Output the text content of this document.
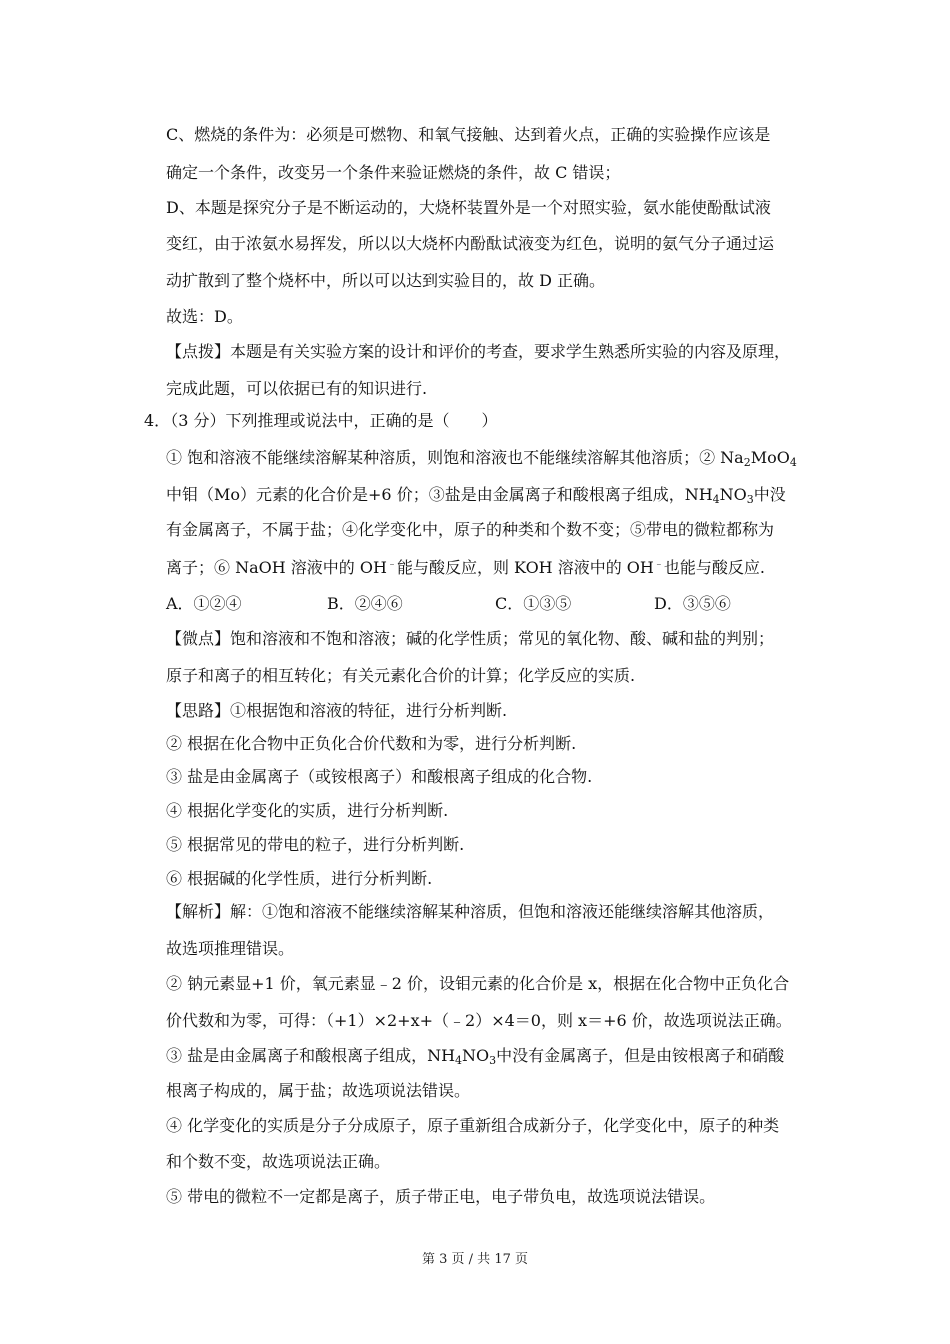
C、燃烧的条件为：必须是可燃物、和氧气接触、达到着火点，正确的实验操作应该是
确定一个条件，改变另一个条件来验证燃烧的条件，故 C 错误；
D、本题是探究分子是不断运动的，大烧杯装置外是一个对照实验，氨水能使酚酞试液
变红，由于浓氨水易挥发，所以以大烧杯内酚酞试液变为红色，说明的氨气分子通过运
动扩散到了整个烧杯中，所以可以达到实验目的，故 D 正确。
故选：D。
【点拨】本题是有关实验方案的设计和评价的考查，要求学生熟悉所实验的内容及原理，
完成此题，可以依据已有的知识进行.
4．（3 分）下列推理或说法中，正确的是（　　）
① 饱和溶液不能继续溶解某种溶质，则饱和溶液也不能继续溶解其他溶质；② $Na_2MoO_4$
中钼（Mo）元素的化合价是+6 价；③盐是由金属离子和酸根离子组成，$NH_4NO_3$中没
有金属离子，不属于盐；④化学变化中，原子的种类和个数不变；⑤带电的微粒都称为
离子；⑥ NaOH 溶液中的 OH﹣能与酸反应，则 KOH 溶液中的 OH﹣也能与酸反应.
A．①②④	B．②④⑥	C．①③⑤	D．③⑤⑥
【微点】饱和溶液和不饱和溶液；碱的化学性质；常见的氧化物、酸、碱和盐的判别；
原子和离子的相互转化；有关元素化合价的计算；化学反应的实质.
【思路】①根据饱和溶液的特征，进行分析判断.
② 根据在化合物中正负化合价代数和为零，进行分析判断.
③ 盐是由金属离子（或铵根离子）和酸根离子组成的化合物.
④ 根据化学变化的实质，进行分析判断.
⑤ 根据常见的带电的粒子，进行分析判断.
⑥ 根据碱的化学性质，进行分析判断.
【解析】解：①饱和溶液不能继续溶解某种溶质，但饱和溶液还能继续溶解其他溶质，
故选项推理错误。
② 钠元素显+1 价，氧元素显﹣2 价，设钼元素的化合价是 x，根据在化合物中正负化合
价代数和为零，可得：（+1）×2+x+（﹣2）×4＝0，则 x＝+6 价，故选项说法正确。
③ 盐是由金属离子和酸根离子组成，$NH_4NO_3$中没有金属离子，但是由铵根离子和硝酸
根离子构成的，属于盐；故选项说法错误。
④ 化学变化的实质是分子分成原子，原子重新组合成新分子，化学变化中，原子的种类
和个数不变，故选项说法正确。
⑤ 带电的微粒不一定都是离子，质子带正电，电子带负电，故选项说法错误。
第 3 页 / 共 17 页
